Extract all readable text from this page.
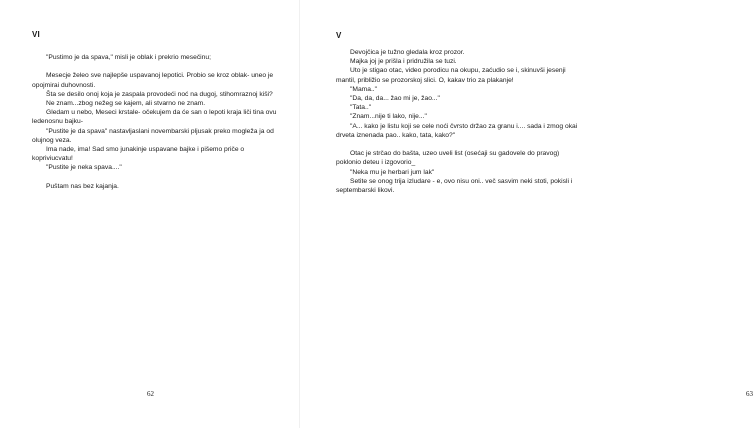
VI

"Pustimo je da spava," misli je oblak i prekrio mesečinu;

Mesecje želeo sve najlepše uspavanoj lepotici. Probio se kroz oblak- uneo je opojmirai duhovnosti.

Šta se desilo onoj koja je zaspala provodeći noć na dugoj, stihomraznoj kiši?

Ne znam...zbog nežeg se kajem, ali stvarno ne znam.

Gledam u nebo, Meseci krstale- očekujem da će san o lepoti kraja liči tina ovu ledenosnu bajku-

"Pustite je da spava" nastavljaslani novembarski pljusak preko mogleža ja od olujnog veza.

Ima nade, ima! Sad smo junakinje uspavane bajke i pišemo priče o kopriviucvatu!

"Pustite je neka spava...."

Puštam nas bez kajanja.

62
V

Devojčica je tužno gledala kroz prozor.

Majka joj je prišla i pridružila se tuzi.

Uto je stigao otac, video porodicu na okupu, zaćudio se i, skinuvši jesenji mantil, približio se prozorskoj slici. O, kakav trio za plakanje!

"Mama.."

"Da, da, da... žao mi je, žao..."

"Tata.."

"Znam...nije ti lako, nije..."

"A... kako je listu koji se cele noći čvrsto držao za granu i.... sada i zmog okai drveta iznenada pao.. kako, tata, kako?"

Otac je strčao do bašta, uzeo uveli list (osećaji su gadovele do pravog) poklonio deteu i izgovorio_

"Neka mu je herbari jum lak"

Setite se onog trija izludare - e, ovo nisu oni.. več sasvim neki stoti, pokisli i septembarski likovi.

63
